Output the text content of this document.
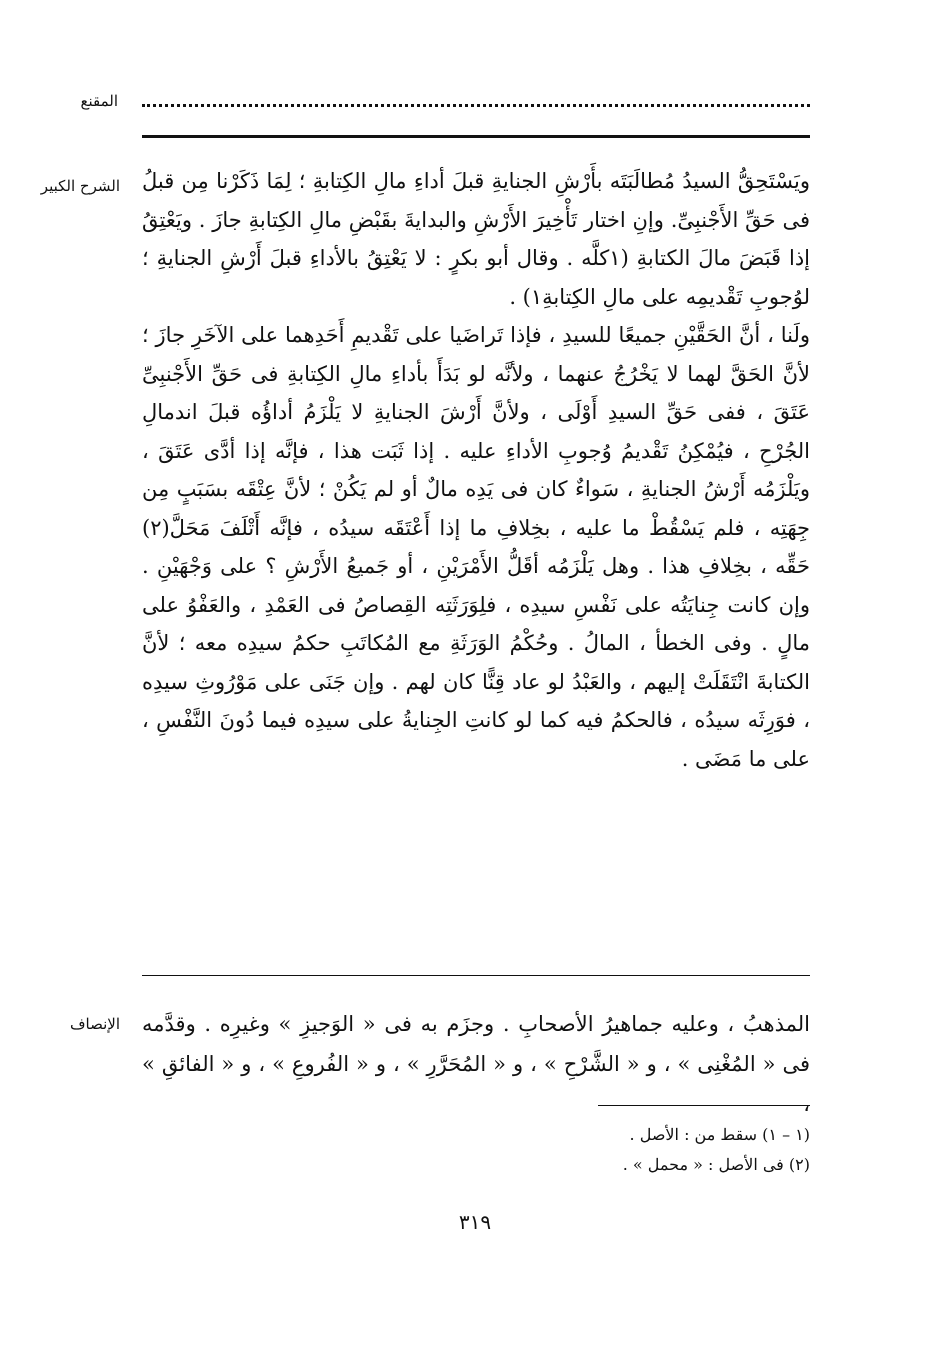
المقنع
الشرح الكبير ويَسْتَحِقُّ السيدُ مُطالَبَتَه بأَرْشِ الجنايةِ قبلَ أداءِ مالِ الكِتابةِ ؛ لِمَا ذَكَرْنا مِن قبلُ فى حَقِّ الأَجْنبِىِّ. وإنِ اختار تَأْخِيرَ الأَرْشِ والبدايةَ بقَبْضِ مالِ الكِتابةِ جازَ . ويَعْتِقُ إذا قَبَضَ مالَ الكتابةِ (١كلَّه . وقال أبو بكرٍ : لا يَعْتِقُ بالأداءِ قبلَ أَرْشِ الجنايةِ ؛ لوُجوبِ تَقْديمِه على مالِ الكِتابةِ١) .

ولَنا ، أنَّ الحَقَّيْنِ جميعًا للسيدِ ، فإذا تَراضَيا على تَقْديمِ أَحَدِهما على الآخَرِ جازَ ؛ لأنَّ الحَقَّ لهما لا يَخْرُجُ عنهما ، ولأنَّه لو بَدَأَ بأداءِ مالِ الكِتابةِ فى حَقِّ الأَجْنبِىِّ عَتَقَ ، ففى حَقِّ السيدِ أَوْلَى ، ولأنَّ أَرْشَ الجنايةِ لا يَلْزَمُ أداؤُه قبلَ اندمالِ الجُرْحِ ، فيُمْكِنُ تَقْديمُ وُجوبِ الأداءِ عليه . إذا ثَبَت هذا ، فإنَّه إذا أدَّى عَتَقَ ، ويَلْزَمُه أَرْشُ الجنايةِ ، سَواءٌ كان فى يَدِه مالٌ أو لم يَكُنْ ؛ لأنَّ عِتْقَه بسَبَبٍ مِن جِهَتِه ، فلم يَسْقُطْ ما عليه ، بخِلافِ ما إذا أَعْتَقَه سيدُه ، فإنَّه أَتْلَفَ مَحَلَّ(٢) حَقِّه ، بخِلافِ هذا . وهل يَلْزَمُه أقَلُّ الأَمْرَيْنِ ، أو جَميعُ الأَرْشِ ؟ على وَجْهَيْنِ . وإن كانت جِنايَتُه على نَفْسِ سيدِه ، فلِوَرَثَتِه القِصاصُ فى العَمْدِ ، والعَفْوُ على مالٍ . وفى الخطأ ، المالُ . وحُكْمُ الوَرَثَةِ مع المُكاتَبِ حكمُ سيدِه معه ؛ لأنَّ الكتابةَ انْتَقَلَتْ إليهم ، والعَبْدُ لو عاد قِنًّا كان لهم . وإن جَنَى على مَوْرُوثِ سيدِه ، فوَرِثَه سيدُه ، فالحكمُ فيه كما لو كانتِ الجِنايةُ على سيدِه فيما دُونَ النَّفْسِ ، على ما مَضَى .

الإنصاف المذهبُ ، وعليه جماهيرُ الأصحابِ . وجزَم به فى « الوَجيزِ » وغيرِه . وقدَّمه فى « المُغْنِى » ، و « الشَّرْحِ » ، و « المُحَرَّرِ » ، و « الفُروعِ » ، و « الفائقِ » ،

(١ – ١) سقط من : الأصل .

(٢) فى الأصل : « محمل » .

٣١٩
